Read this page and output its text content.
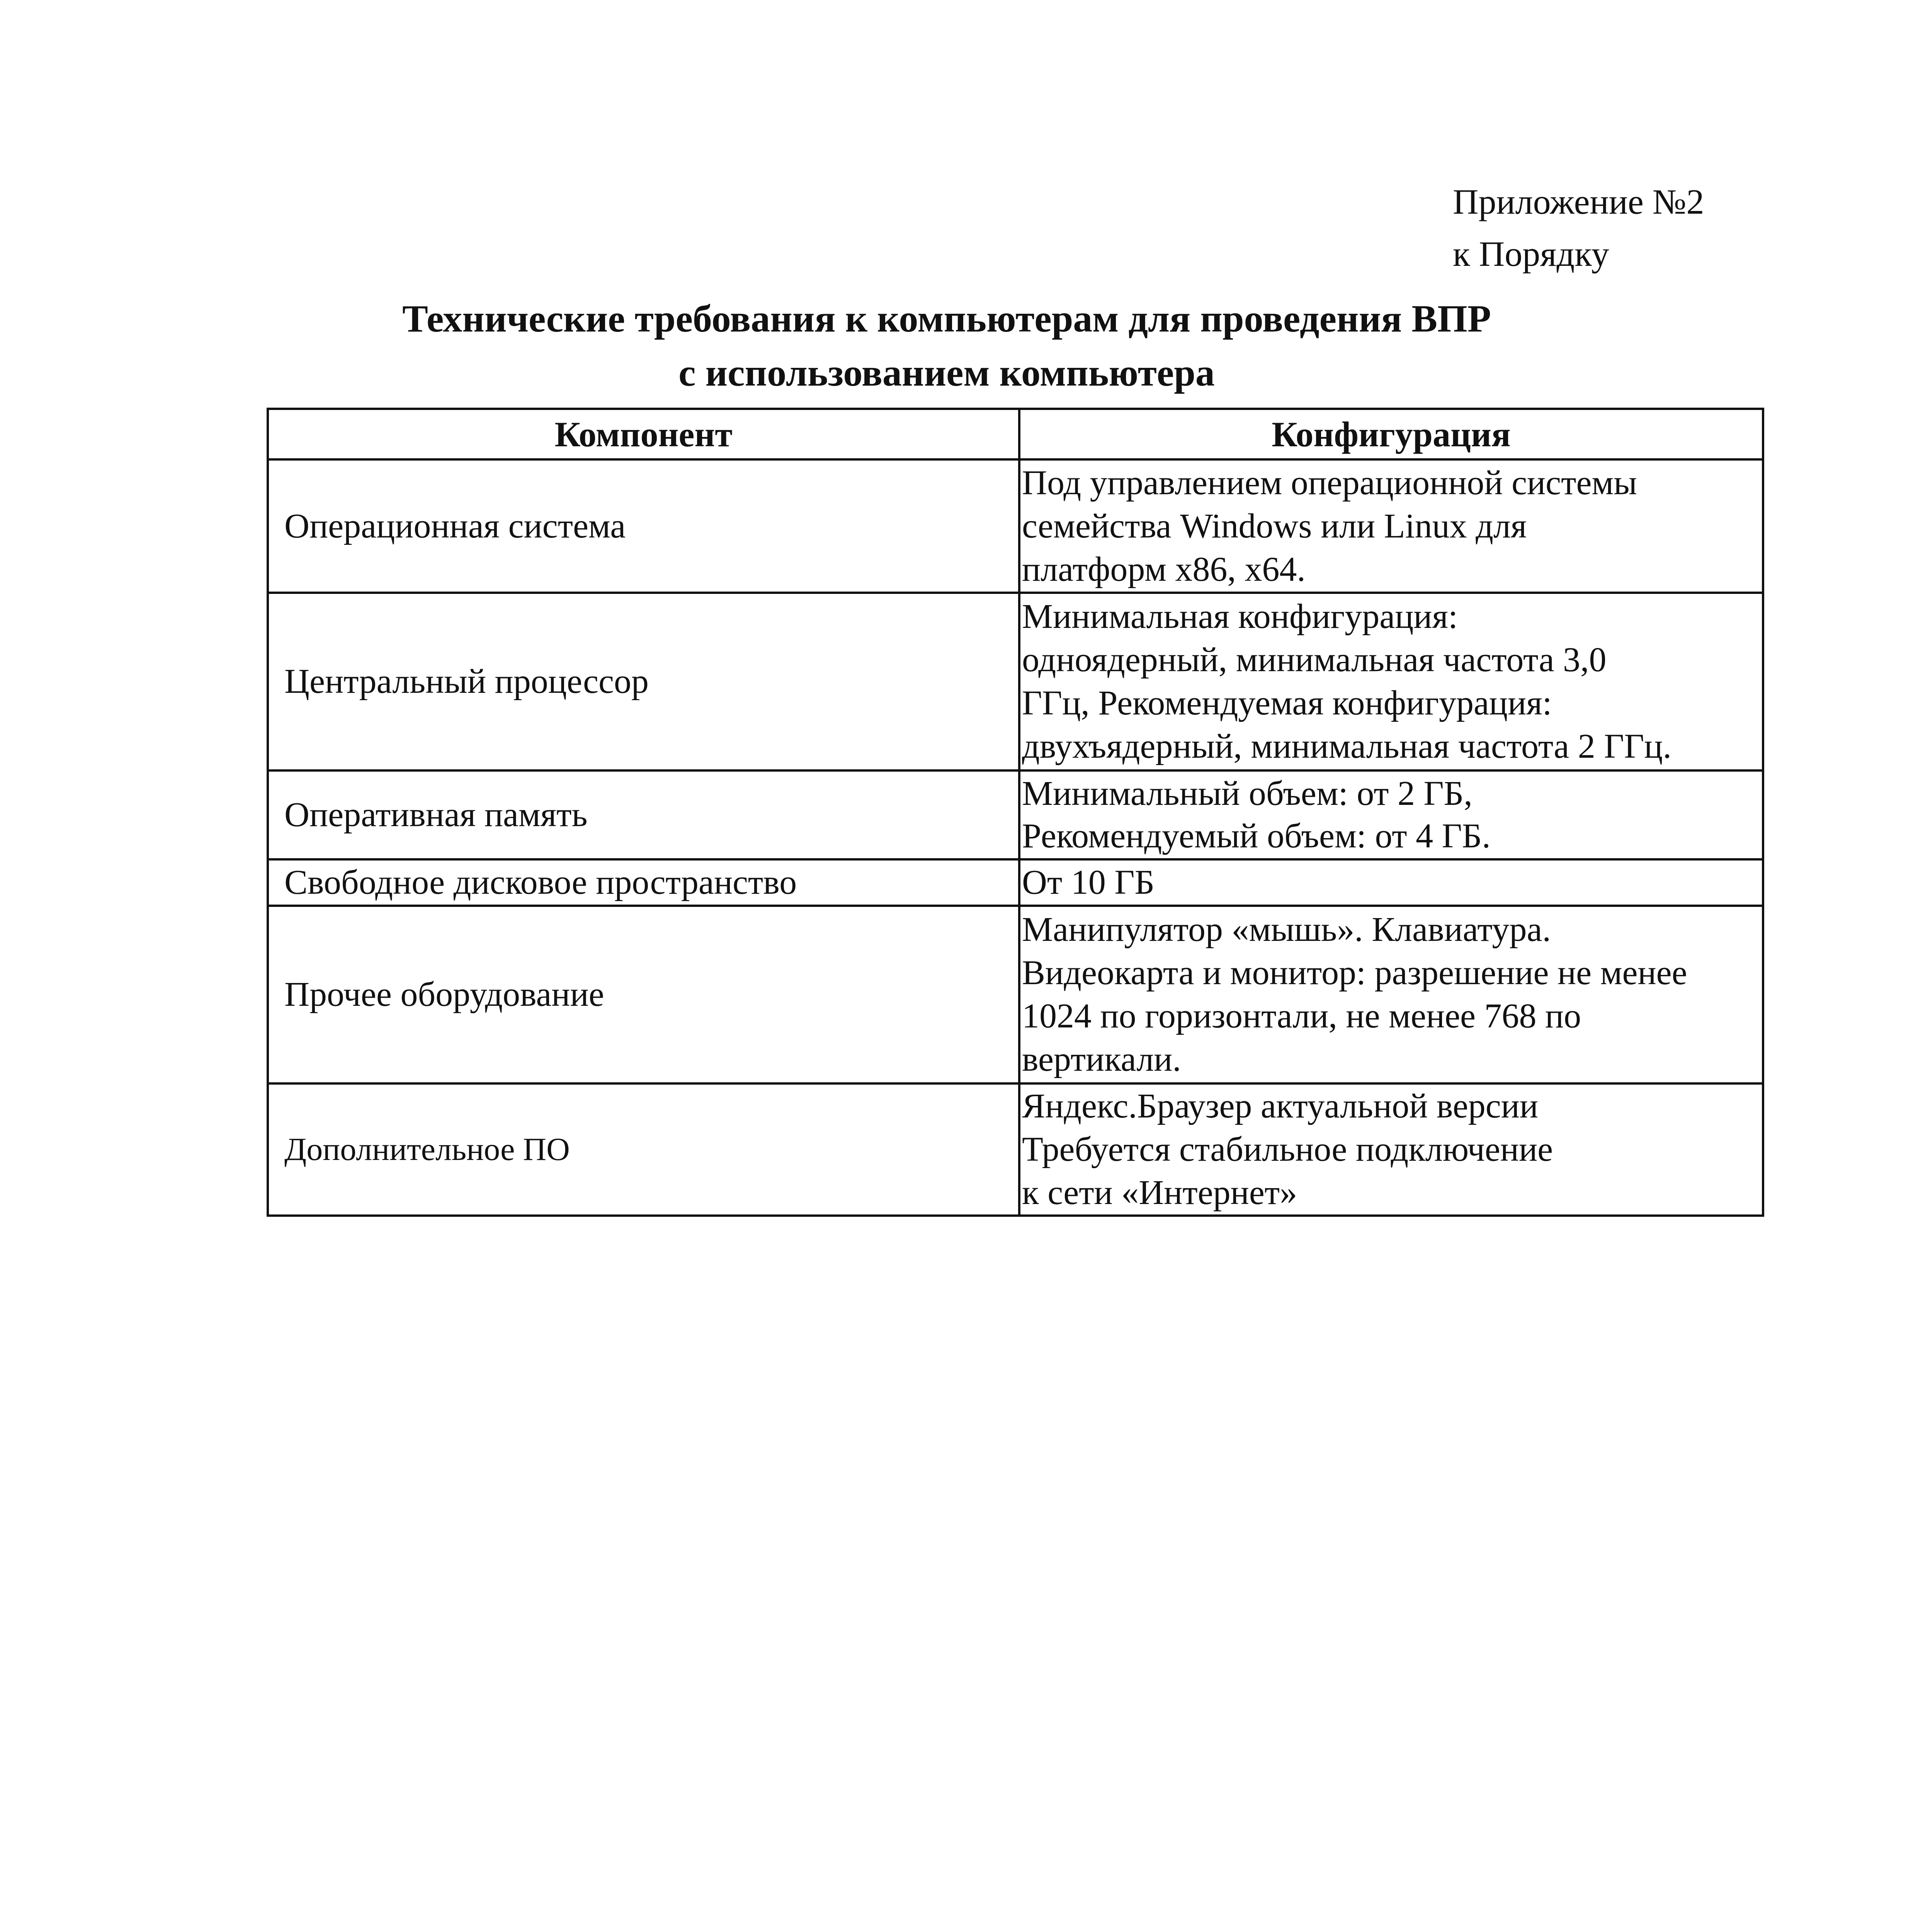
Приложение №2
к Порядку
Технические требования к компьютерам для проведения ВПР
с использованием компьютера
Компонент	Конфигурация
Операционная система	Под управлением операционной системы
семейства Windows или Linux для
платформ x86, x64.

Центральный процессор	Минимальная конфигурация:
одноядерный, минимальная частота 3,0
ГГц, Рекомендуемая конфигурация:
двухъядерный, минимальная частота 2 ГГц.

Оперативная память	Минимальный объем: от 2 ГБ,
Рекомендуемый объем: от 4 ГБ.

Свободное дисковое пространство	От 10 ГБ

Прочее оборудование	Манипулятор «мышь». Клавиатура.
Видеокарта и монитор: разрешение не менее
1024 по горизонтали, не менее 768 по
вертикали.

Дополнительное ПО	Яндекс.Браузер актуальной версии
Требуется стабильное подключение
к сети «Интернет»
